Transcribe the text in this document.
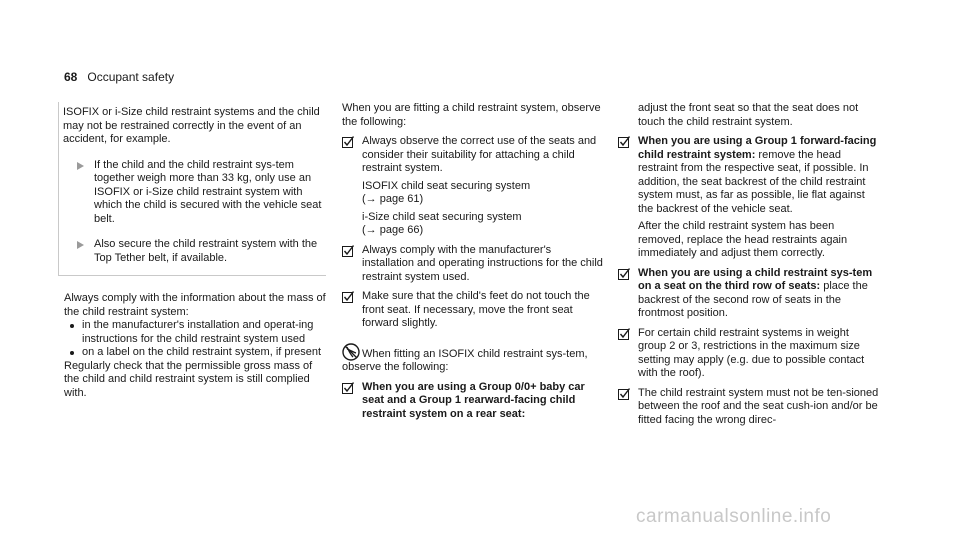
68 Occupant safety

ISOFIX or i-Size child restraint systems and the child may not be restrained correctly in the event of an accident, for example.

If the child and the child restraint sys-tem together weigh more than 33 kg, only use an ISOFIX or i-Size child restraint system with which the child is secured with the vehicle seat belt.

Also secure the child restraint system with the Top Tether belt, if available.

Always comply with the information about the mass of the child restraint system:

in the manufacturer's installation and operat-ing instructions for the child restraint system used

on a label on the child restraint system, if present

Regularly check that the permissible gross mass of the child and child restraint system is still complied with.

When you are fitting a child restraint system, observe the following:

Always observe the correct use of the seats and consider their suitability for attaching a child restraint system.

ISOFIX child seat securing system

(→ page 61)

i-Size child seat securing system

(→ page 66)

Always comply with the manufacturer's installation and operating instructions for the child restraint system used.

Make sure that the child's feet do not touch the front seat. If necessary, move the front seat forward slightly.

When fitting an ISOFIX child restraint sys-tem, observe the following:

When you are using a Group 0/0+ baby car seat and a Group 1 rearward-facing child restraint system on a rear seat:

adjust the front seat so that the seat does not touch the child restraint system.

When you are using a Group 1 forward-facing child restraint system: remove the head restraint from the respective seat, if possible. In addition, the seat backrest of the child restraint system must, as far as possible, lie flat against the backrest of the vehicle seat.

After the child restraint system has been removed, replace the head restraints again immediately and adjust them correctly.

When you are using a child restraint sys-tem on a seat on the third row of seats: place the backrest of the second row of seats in the frontmost position.

For certain child restraint systems in weight group 2 or 3, restrictions in the maximum size setting may apply (e.g. due to possible contact with the roof).

The child restraint system must not be ten-sioned between the roof and the seat cush-ion and/or be fitted facing the wrong direc-

carmanualsonline.info
